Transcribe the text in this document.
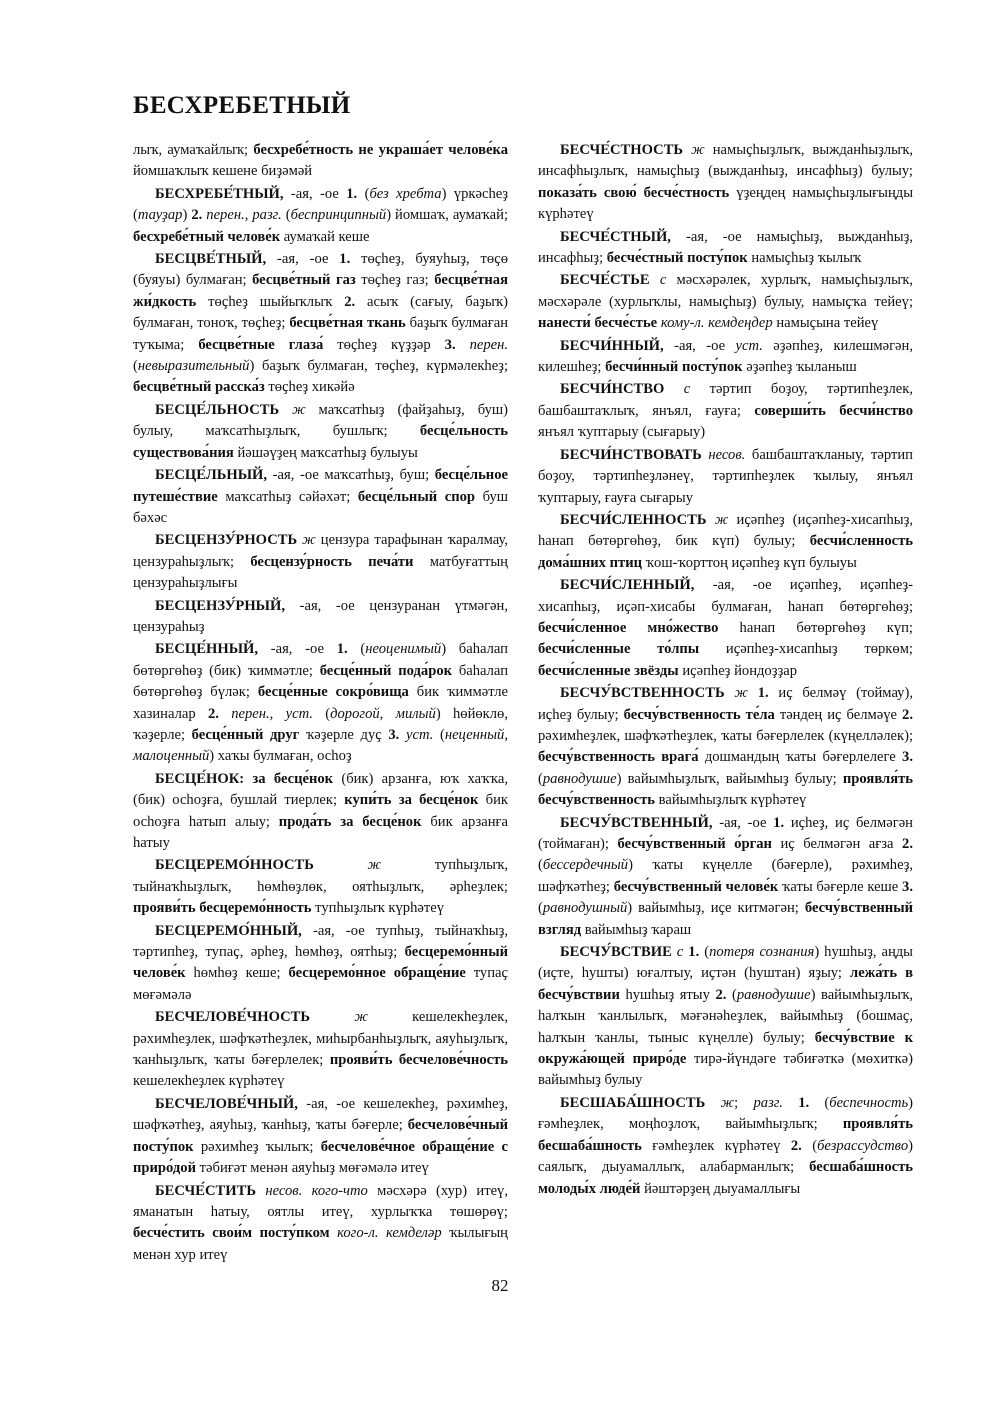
БЕСХРЕБЕТНЫЙ

лыҡ, аумаҡайлыҡ; бесхребе́тность не украша́ет челове́ка йомшаҡлыҡ кешене биҙәмәй

БЕСХРЕБЕ́ТНЫЙ, -ая, -ое 1. (без хребта) үркәсһеҙ (тауҙар) 2. перен., разг. (беспринципный) йомшаҡ, аумаҡай; бесхребе́тный челове́к аумаҡай кеше

БЕСЦВЕ́ТНЫЙ, -ая, -ое 1. төҫһеҙ, буяуһыҙ, төҫө (буяуы) булмаған; бесцве́тный газ төҫһеҙ газ; бесцве́тная жи́дкость төҫһеҙ шыйыҡлыҡ 2. асыҡ (сағыу, баҙыҡ) булмаған, тоноҡ, төҫһеҙ; бесцве́тная ткань баҙыҡ булмаған туҡыма; бесцве́тные глаза́ төҫһеҙ күҙҙәр 3. перен. (невыразительный) баҙыҡ булмаған, төҫһеҙ, күрмәлекһеҙ; бесцве́тный расска́з төҫһеҙ хикәйә

БЕСЦЕ́ЛЬНОСТЬ ж маҡсатһыҙ (файҙаһыҙ, буш) булыу, маҡсатһыҙлыҡ, бушлыҡ; бесце́льность существова́ния йәшәүҙең маҡсатһыҙ булыуы

БЕСЦЕ́ЛЬНЫЙ, -ая, -ое маҡсатһыҙ, буш; бесце́льное путеше́ствие маҡсатһыҙ сәйәхәт; бесце́льный спор буш бәхәс

БЕСЦЕНЗУ́РНОСТЬ ж цензура тарафынан ҡаралмау, цензураһыҙлыҡ; бесцензу́рность печа́ти матбуғаттың цензураһыҙлығы

БЕСЦЕНЗУ́РНЫЙ, -ая, -ое цензуранан үтмәгән, цензураһыҙ

БЕСЦЕ́ННЫЙ, -ая, -ое 1. (неоценимый) баһалап бөтөргөһөҙ (бик) ҡиммәтле; бесце́нный пода́рок баһалап бөтөргөһөҙ бүләк; бесце́нные сокро́вища бик ҡиммәтле хазиналар 2. перен., уст. (дорогой, милый) һөйөклө, ҡәҙерле; бесце́нный друг ҡәҙерле дуҫ 3. уст. (неценный, малоценный) хаҡы булмаған, осһоҙ

БЕСЦЕ́НОК: за бесце́нок (бик) арзанға, юҡ хаҡҡа, (бик) осһоҙға, бушлай тиерлек; купи́ть за бесце́нок бик осһоҙға һатып алыу; прода́ть за бесце́нок бик арзанға һатыу

БЕСЦЕРЕМО́ННОСТЬ	ж тупһыҙлыҡ, тыйнаҡһыҙлыҡ, һөмһөҙлөк, оятһыҙлыҡ, әрһеҙлек; прояви́ть бесцеремо́нность тупһыҙлыҡ күрһәтеү

БЕСЦЕРЕМО́ННЫЙ, -ая, -ое тупһыҙ, тыйнаҡһыҙ, тәртипһеҙ, тупаҫ, әрһеҙ, һөмһөҙ, оятһыҙ; бесцеремо́нный челове́к һөмһөҙ кеше; бесцеремо́нное обраще́ние тупаҫ мөғәмәлә

БЕСЧЕЛОВЕ́ЧНОСТЬ	ж кешелекһеҙлек, рәхимһеҙлек, шәфҡәтһеҙлек, миһырбанһыҙлыҡ, аяуһыҙлыҡ, ҡанһыҙлыҡ, ҡаты бәғерлелек; прояви́ть бесчелове́чность кешелекһеҙлек күрһәтеү

БЕСЧЕЛОВЕ́ЧНЫЙ, -ая, -ое кешелекһеҙ, рәхимһеҙ, шәфҡәтһеҙ, аяуһыҙ, ҡанһыҙ, ҡаты бәғерле; бесчелове́чный посту́пок рәхимһеҙ ҡылыҡ; бесчелове́чное обраще́ние с приро́дой тәбиғәт менән аяуһыҙ мөғәмәлә итеү

БЕСЧЕ́СТИТЬ несов. кого-что мәсхәрә (хур) итеү, яманатын һатыу, оятлы итеү, хурлыҡҡа төшөрөү; бесче́стить свои́м посту́пком кого-л. кемделәр ҡылығың менән хур итеү

БЕСЧЕ́СТНОСТЬ ж намыҫһыҙлыҡ, выжданһыҙлыҡ, инсафһыҙлыҡ, намыҫһыҙ (выжданһыҙ, инсафһыҙ) булыу; показа́ть свою́ бесче́стность үҙеңдең намыҫһыҙлығыңды күрһәтеү

БЕСЧЕ́СТНЫЙ, -ая, -ое намыҫһыҙ, выжданһыҙ, инсафһыҙ; бесче́стный посту́пок намыҫһыҙ ҡылыҡ

БЕСЧЕ́СТЬЕ с мәсхәрәлек, хурлыҡ, намыҫһыҙлыҡ, мәсхәрәле (хурлыҡлы, намыҫһыҙ) булыу, намыҫҡа тейеү; нанести́ бесче́стье кому-л. кемдеңдер намыҫына тейеү

БЕСЧИ́ННЫЙ, -ая, -ое уст. әҙәпһеҙ, килешмәгән, килешһеҙ; бесчи́нный посту́пок әҙәпһеҙ ҡыланыш

БЕСЧИ́НСТВО с тәртип боҙоу, тәртипһеҙлек, башбаштаҡлыҡ, янъял, ғауға; соверши́ть бесчи́нство янъял ҡуптарыу (сығарыу)

БЕСЧИ́НСТВОВАТЬ несов. башбаштаҡланыу, тәртип боҙоу, тәртипһеҙләнеү, тәртипһеҙлек ҡылыу, янъял ҡуптарыу, ғауға сығарыу

БЕСЧИ́СЛЕННОСТЬ ж иҫәпһеҙ (иҫәпһеҙ-хисапһыҙ, һанап бөтөргөһөҙ, бик күп) булыу; бесчи́сленность дома́шних птиц ҡош-ҡорттоң иҫәпһеҙ күп булыуы

БЕСЧИ́СЛЕННЫЙ, -ая, -ое иҫәпһеҙ, иҫәпһеҙ-хисапһыҙ, иҫәп-хисабы булмаған, һанап бөтөргөһөҙ; бесчи́сленное мно́жество һанап бөтөргөһөҙ күп; бесчи́сленные то́лпы иҫәпһеҙ-хисапһыҙ төркөм; бесчи́сленные звёзды иҫәпһеҙ йондоҙҙар

БЕСЧУ́ВСТВЕННОСТЬ ж 1. иҫ белмәү (тоймау), иҫһеҙ булыу; бесчу́вственность те́ла тәндең иҫ белмәүе 2. рәхимһеҙлек, шәфҡәтһеҙлек, ҡаты бәғерлелек (күңелләлек); бесчу́вственность врага́ дошмандың ҡаты бәғерлелеге 3. (равнодушие) вайымһыҙлыҡ, вайымһыҙ булыу; проявля́ть бесчу́вственность вайымһыҙлыҡ күрһәтеү

БЕСЧУ́ВСТВЕННЫЙ, -ая, -ое 1. иҫһеҙ, иҫ белмәгән (тоймаған); бесчу́вственный о́рган иҫ белмәгән ағза 2. (бессердечный) ҡаты күңелле (бәғерле), рәхимһеҙ, шәфҡәтһеҙ; бесчу́вственный челове́к ҡаты бәғерле кеше 3. (равнодушный) вайымһыҙ, иҫе китмәгән; бесчу́вственный взгляд вайымһыҙ ҡараш

БЕСЧУ́ВСТВИЕ с 1. (потеря сознания) һушһыҙ, аңды (иҫте, һушты) юғалтыу, иҫтән (һуштан) яҙыу; лежа́ть в бесчу́вствии һушһыҙ ятыу 2. (равнодушие) вайымһыҙлыҡ, һалҡын ҡанлылыҡ, мәғәнәһеҙлек, вайымһыҙ (бошмаҫ, һалҡын ҡанлы, тыныс күңелле) булыу; бесчу́вствие к окружа́ющей приро́де тирә-йүндәге тәбиғәткә (мөхиткә) вайымһыҙ булыу

БЕСШАБА́ШНОСТЬ ж; разг. 1. (беспечность) ғәмһеҙлек, моңһоҙлоҡ, вайымһыҙлыҡ; проявля́ть бесшаба́шность ғәмһеҙлек күрһәтеү 2. (безрассудство) саялыҡ, дыуамаллыҡ, алабарманлыҡ; бесшаба́шность молоды́х люде́й йәштәрҙең дыуамаллығы

82
